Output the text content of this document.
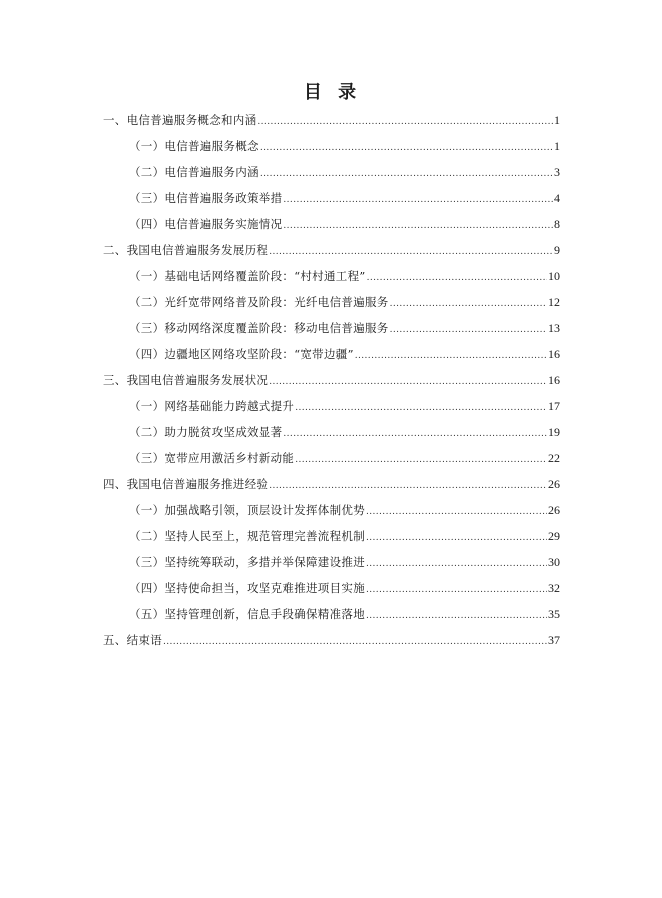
目 录
一、电信普遍服务概念和内涵 .....	1
（一）电信普遍服务概念 .....	1
（二）电信普遍服务内涵 .....	3
（三）电信普遍服务政策举措 .....	4
（四）电信普遍服务实施情况 .....	8
二、我国电信普遍服务发展历程 .....	9
（一）基础电话网络覆盖阶段：“村村通工程” .....	10
（二）光纤宽带网络普及阶段：光纤电信普遍服务 .....	12
（三）移动网络深度覆盖阶段：移动电信普遍服务 .....	13
（四）边疆地区网络攻坚阶段：“宽带边疆” .....	16
三、我国电信普遍服务发展状况 .....	16
（一）网络基础能力跨越式提升 .....	17
（二）助力脱贫攻坚成效显著 .....	19
（三）宽带应用激活乡村新动能 .....	22
四、我国电信普遍服务推进经验 .....	26
（一）加强战略引领，顶层设计发挥体制优势 .....	26
（二）坚持人民至上，规范管理完善流程机制 .....	29
（三）坚持统筹联动，多措并举保障建设推进 .....	30
（四）坚持使命担当，攻坚克难推进项目实施 .....	32
（五）坚持管理创新，信息手段确保精准落地 .....	35
五、结束语 .....	37
